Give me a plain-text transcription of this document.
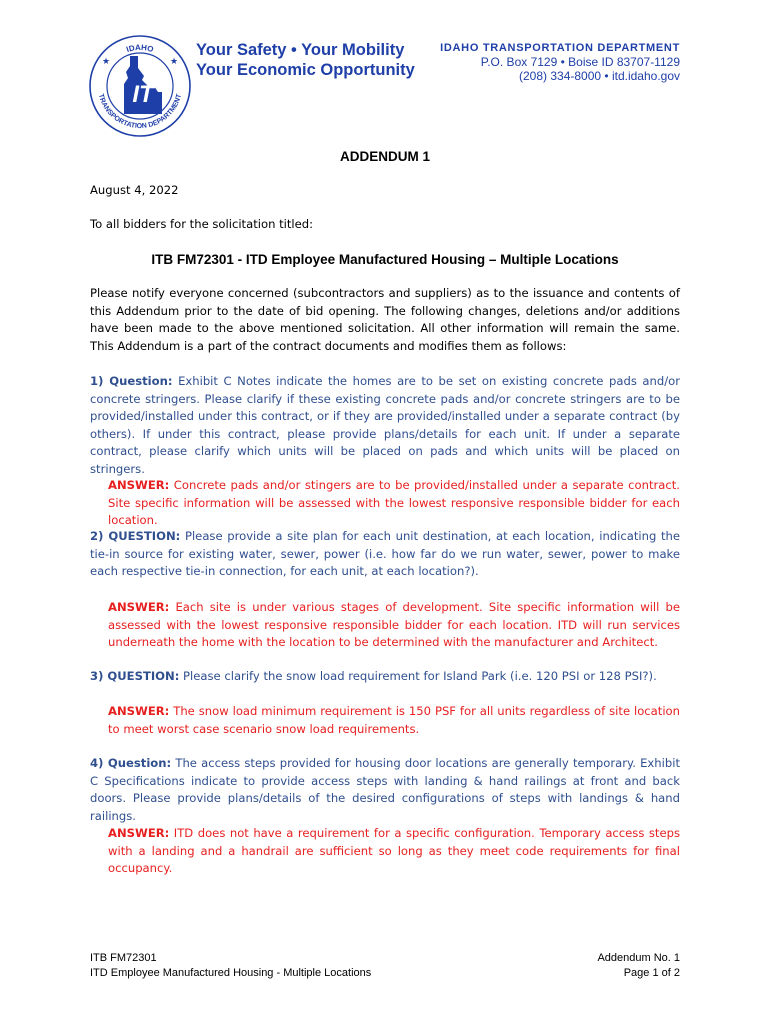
IT
IDAHO
TRANSPORTATION DEPARTMENT
★	★
Your Safety • Your Mobility
Your Economic Opportunity
IDAHO TRANSPORTATION DEPARTMENT
P.O. Box 7129 • Boise ID 83707-1129
(208) 334-8000 • itd.idaho.gov
ADDENDUM 1
August 4, 2022
To all bidders for the solicitation titled:
ITB FM72301 - ITD Employee Manufactured Housing – Multiple Locations
Please notify everyone concerned (subcontractors and suppliers) as to the issuance and contents of this Addendum prior to the date of bid opening. The following changes, deletions and/or additions have been made to the above mentioned solicitation. All other information will remain the same. This Addendum is a part of the contract documents and modifies them as follows:
1) Question: Exhibit C Notes indicate the homes are to be set on existing concrete pads and/or concrete stringers. Please clarify if these existing concrete pads and/or concrete stringers are to be provided/installed under this contract, or if they are provided/installed under a separate contract (by others). If under this contract, please provide plans/details for each unit. If under a separate contract, please clarify which units will be placed on pads and which units will be placed on stringers.
ANSWER: Concrete pads and/or stingers are to be provided/installed under a separate contract. Site specific information will be assessed with the lowest responsive responsible bidder for each location.
2) QUESTION: Please provide a site plan for each unit destination, at each location, indicating the tie-in source for existing water, sewer, power (i.e. how far do we run water, sewer, power to make each respective tie-in connection, for each unit, at each location?).
ANSWER: Each site is under various stages of development. Site specific information will be assessed with the lowest responsive responsible bidder for each location. ITD will run services underneath the home with the location to be determined with the manufacturer and Architect.
3) QUESTION: Please clarify the snow load requirement for Island Park (i.e. 120 PSI or 128 PSI?).
ANSWER: The snow load minimum requirement is 150 PSF for all units regardless of site location to meet worst case scenario snow load requirements.
4) Question: The access steps provided for housing door locations are generally temporary. Exhibit C Specifications indicate to provide access steps with landing & hand railings at front and back doors. Please provide plans/details of the desired configurations of steps with landings & hand railings.
ANSWER: ITD does not have a requirement for a specific configuration. Temporary access steps with a landing and a handrail are sufficient so long as they meet code requirements for final occupancy.
ITB FM72301
ITD Employee Manufactured Housing - Multiple Locations
Addendum No. 1
Page 1 of 2
